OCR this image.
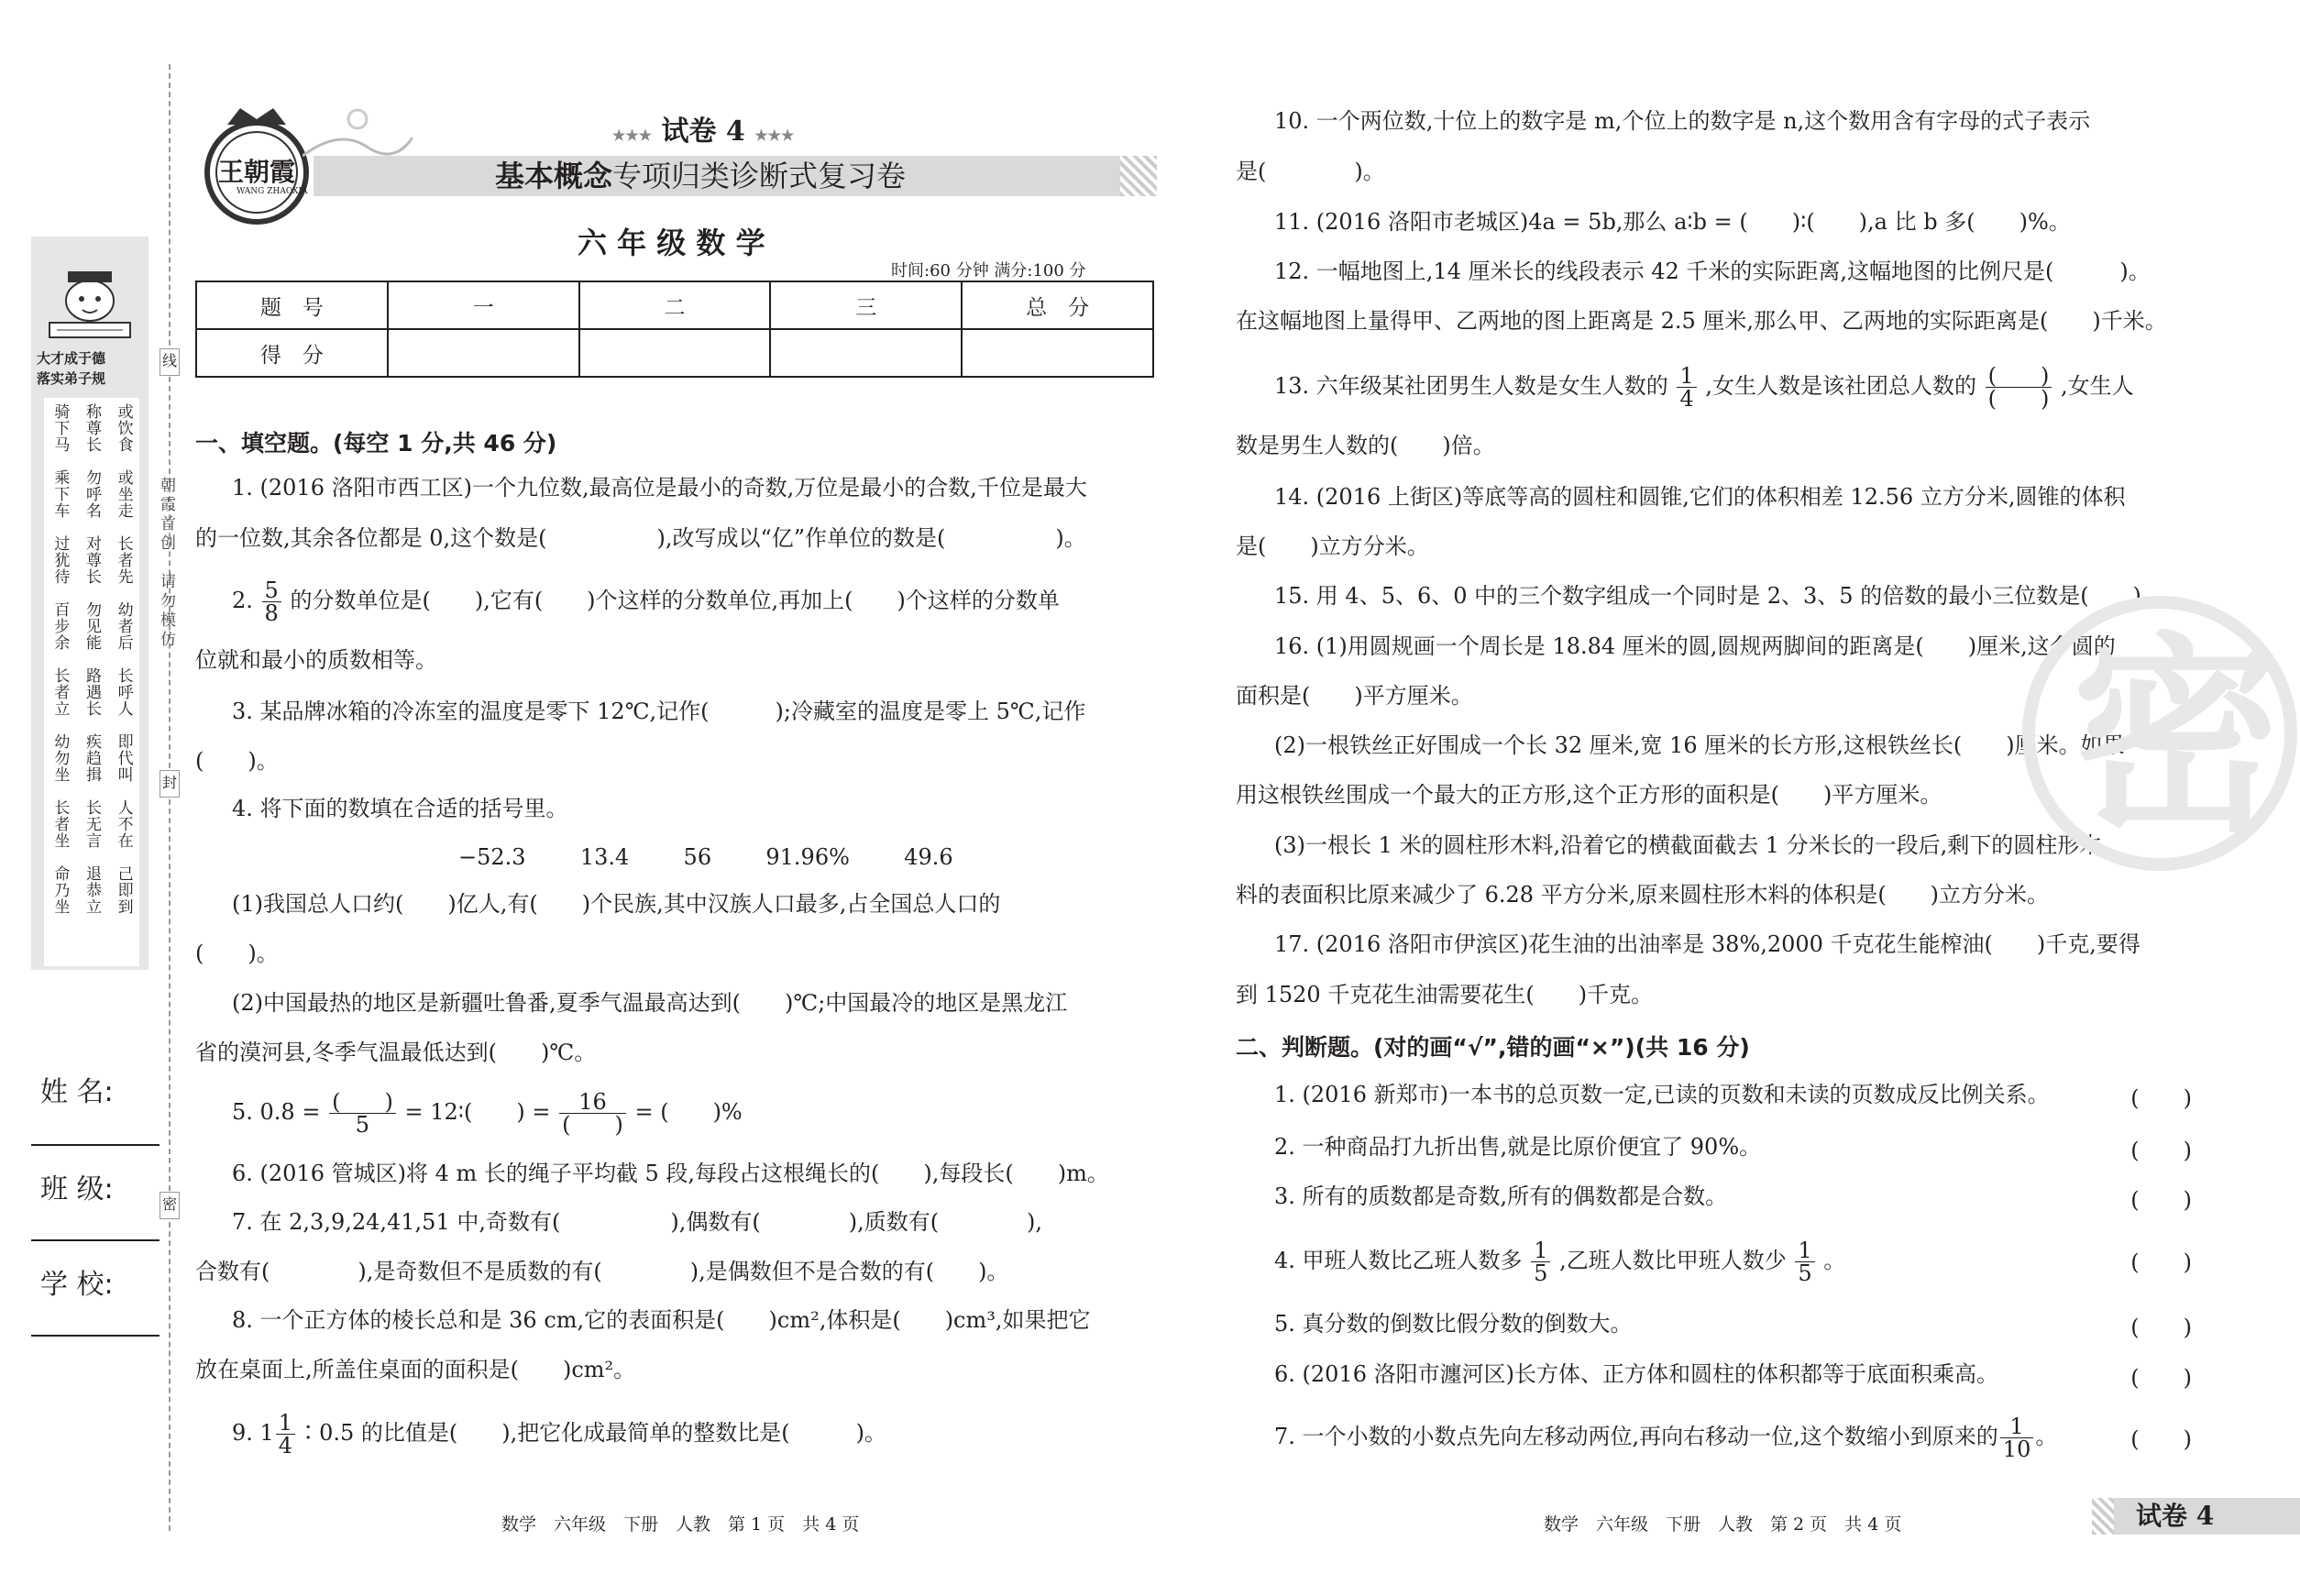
线
朝霞首创　请勿模仿
封
密
大才成于德
落实弟子规
骑下马 称尊长 或饮食
乘下车 勿呼名 或坐走
过犹待 对尊长 长者先
百步余 勿见能 幼者后
长者立 路遇长 长呼人
幼勿坐 疾趋揖 即代叫
长者坐 长无言 人不在
命乃坐 退恭立 己即到
姓 名:
班 级:
学 校:
王朝霞
WANG ZHAOXIA
★★★ 试卷 4 ★★★
基本概念专项归类诊断式复习卷
六 年 级 数 学
时间:60 分钟 满分:100 分
题　号	一	二	三	总　分
得　分				
一、填空题。(每空 1 分,共 46 分)
1. (2016 洛阳市西工区)一个九位数,最高位是最小的奇数,万位是最小的合数,千位是最大
的一位数,其余各位都是 0,这个数是(　　　　　),改写成以“亿”作单位的数是(　　　　　)。
2. $\frac{5}{8}$ 的分数单位是(　　),它有(　　)个这样的分数单位,再加上(　　)个这样的分数单
位就和最小的质数相等。
3. 某品牌冰箱的冷冻室的温度是零下 12℃,记作(　　　);冷藏室的温度是零上 5℃,记作
(　　)。
4. 将下面的数填在合适的括号里。
−52.3 13.4 56 91.96% 49.6
(1)我国总人口约(　　)亿人,有(　　)个民族,其中汉族人口最多,占全国总人口的
(　　)。
(2)中国最热的地区是新疆吐鲁番,夏季气温最高达到(　　)℃;中国最冷的地区是黑龙江
省的漠河县,冬季气温最低达到(　　)℃。
5. $0.8 = \frac{( )}{5}$ = 12∶(　　) = $\frac{16}{( )}$ = (　　)%
6. (2016 管城区)将 4 m 长的绳子平均截 5 段,每段占这根绳长的(　　),每段长(　　)m。
7. 在 2,3,9,24,41,51 中,奇数有(　　　　　),偶数有(　　　　),质数有(　　　　),
合数有(　　　　),是奇数但不是质数的有(　　　　),是偶数但不是合数的有(　　)。
8. 一个正方体的棱长总和是 36 cm,它的表面积是(　　)cm²,体积是(　　)cm³,如果把它
放在桌面上,所盖住桌面的面积是(　　)cm²。
9. $1 \frac{1}{4}$ ∶0.5 的比值是(　　),把它化成最简单的整数比是(　　　)。
10. 一个两位数,十位上的数字是 m,个位上的数字是 n,这个数用含有字母的式子表示
是(　　　　)。
11. (2016 洛阳市老城区)4a = 5b,那么 a∶b = (　　)∶(　　),a 比 b 多(　　)%。
12. 一幅地图上,14 厘米长的线段表示 42 千米的实际距离,这幅地图的比例尺是(　　　)。
在这幅地图上量得甲、乙两地的图上距离是 2.5 厘米,那么甲、乙两地的实际距离是(　　)千米。
13. 六年级某社团男生人数是女生人数的 $\frac{1}{4}$ ,女生人数是该社团总人数的 $\frac{( )}{( )}$ ,女生人
数是男生人数的(　　)倍。
14. (2016 上街区)等底等高的圆柱和圆锥,它们的体积相差 12.56 立方分米,圆锥的体积
是(　　)立方分米。
15. 用 4、5、6、0 中的三个数字组成一个同时是 2、3、5 的倍数的最小三位数是(　　)。
16. (1)用圆规画一个周长是 18.84 厘米的圆,圆规两脚间的距离是(　　)厘米,这个圆的
面积是(　　)平方厘米。
(2)一根铁丝正好围成一个长 32 厘米,宽 16 厘米的长方形,这根铁丝长(　　)厘米。如果
用这根铁丝围成一个最大的正方形,这个正方形的面积是(　　)平方厘米。
(3)一根长 1 米的圆柱形木料,沿着它的横截面截去 1 分米长的一段后,剩下的圆柱形木
料的表面积比原来减少了 6.28 平方分米,原来圆柱形木料的体积是(　　)立方分米。
17. (2016 洛阳市伊滨区)花生油的出油率是 38%,2000 千克花生能榨油(　　)千克,要得
到 1520 千克花生油需要花生(　　)千克。
二、判断题。(对的画“√”,错的画“×”)(共 16 分)
1. (2016 新郑市)一本书的总页数一定,已读的页数和未读的页数成反比例关系。	(　　)
2. 一种商品打九折出售,就是比原价便宜了 90%。	(　　)
3. 所有的质数都是奇数,所有的偶数都是合数。	(　　)
4. 甲班人数比乙班人数多 $\frac{1}{5}$ ,乙班人数比甲班人数少 $\frac{1}{5}$ 。	(　　)
5. 真分数的倒数比假分数的倒数大。	(　　)
6. (2016 洛阳市瀍河区)长方体、正方体和圆柱的体积都等于底面积乘高。	(　　)
7. 一个小数的小数点先向左移动两位,再向右移动一位,这个数缩小到原来的 $\frac{1}{10}$ 。	(　　)
密
数学　六年级　下册　人教　第 1 页　共 4 页	数学　六年级　下册　人教　第 2 页　共 4 页	试卷 4
